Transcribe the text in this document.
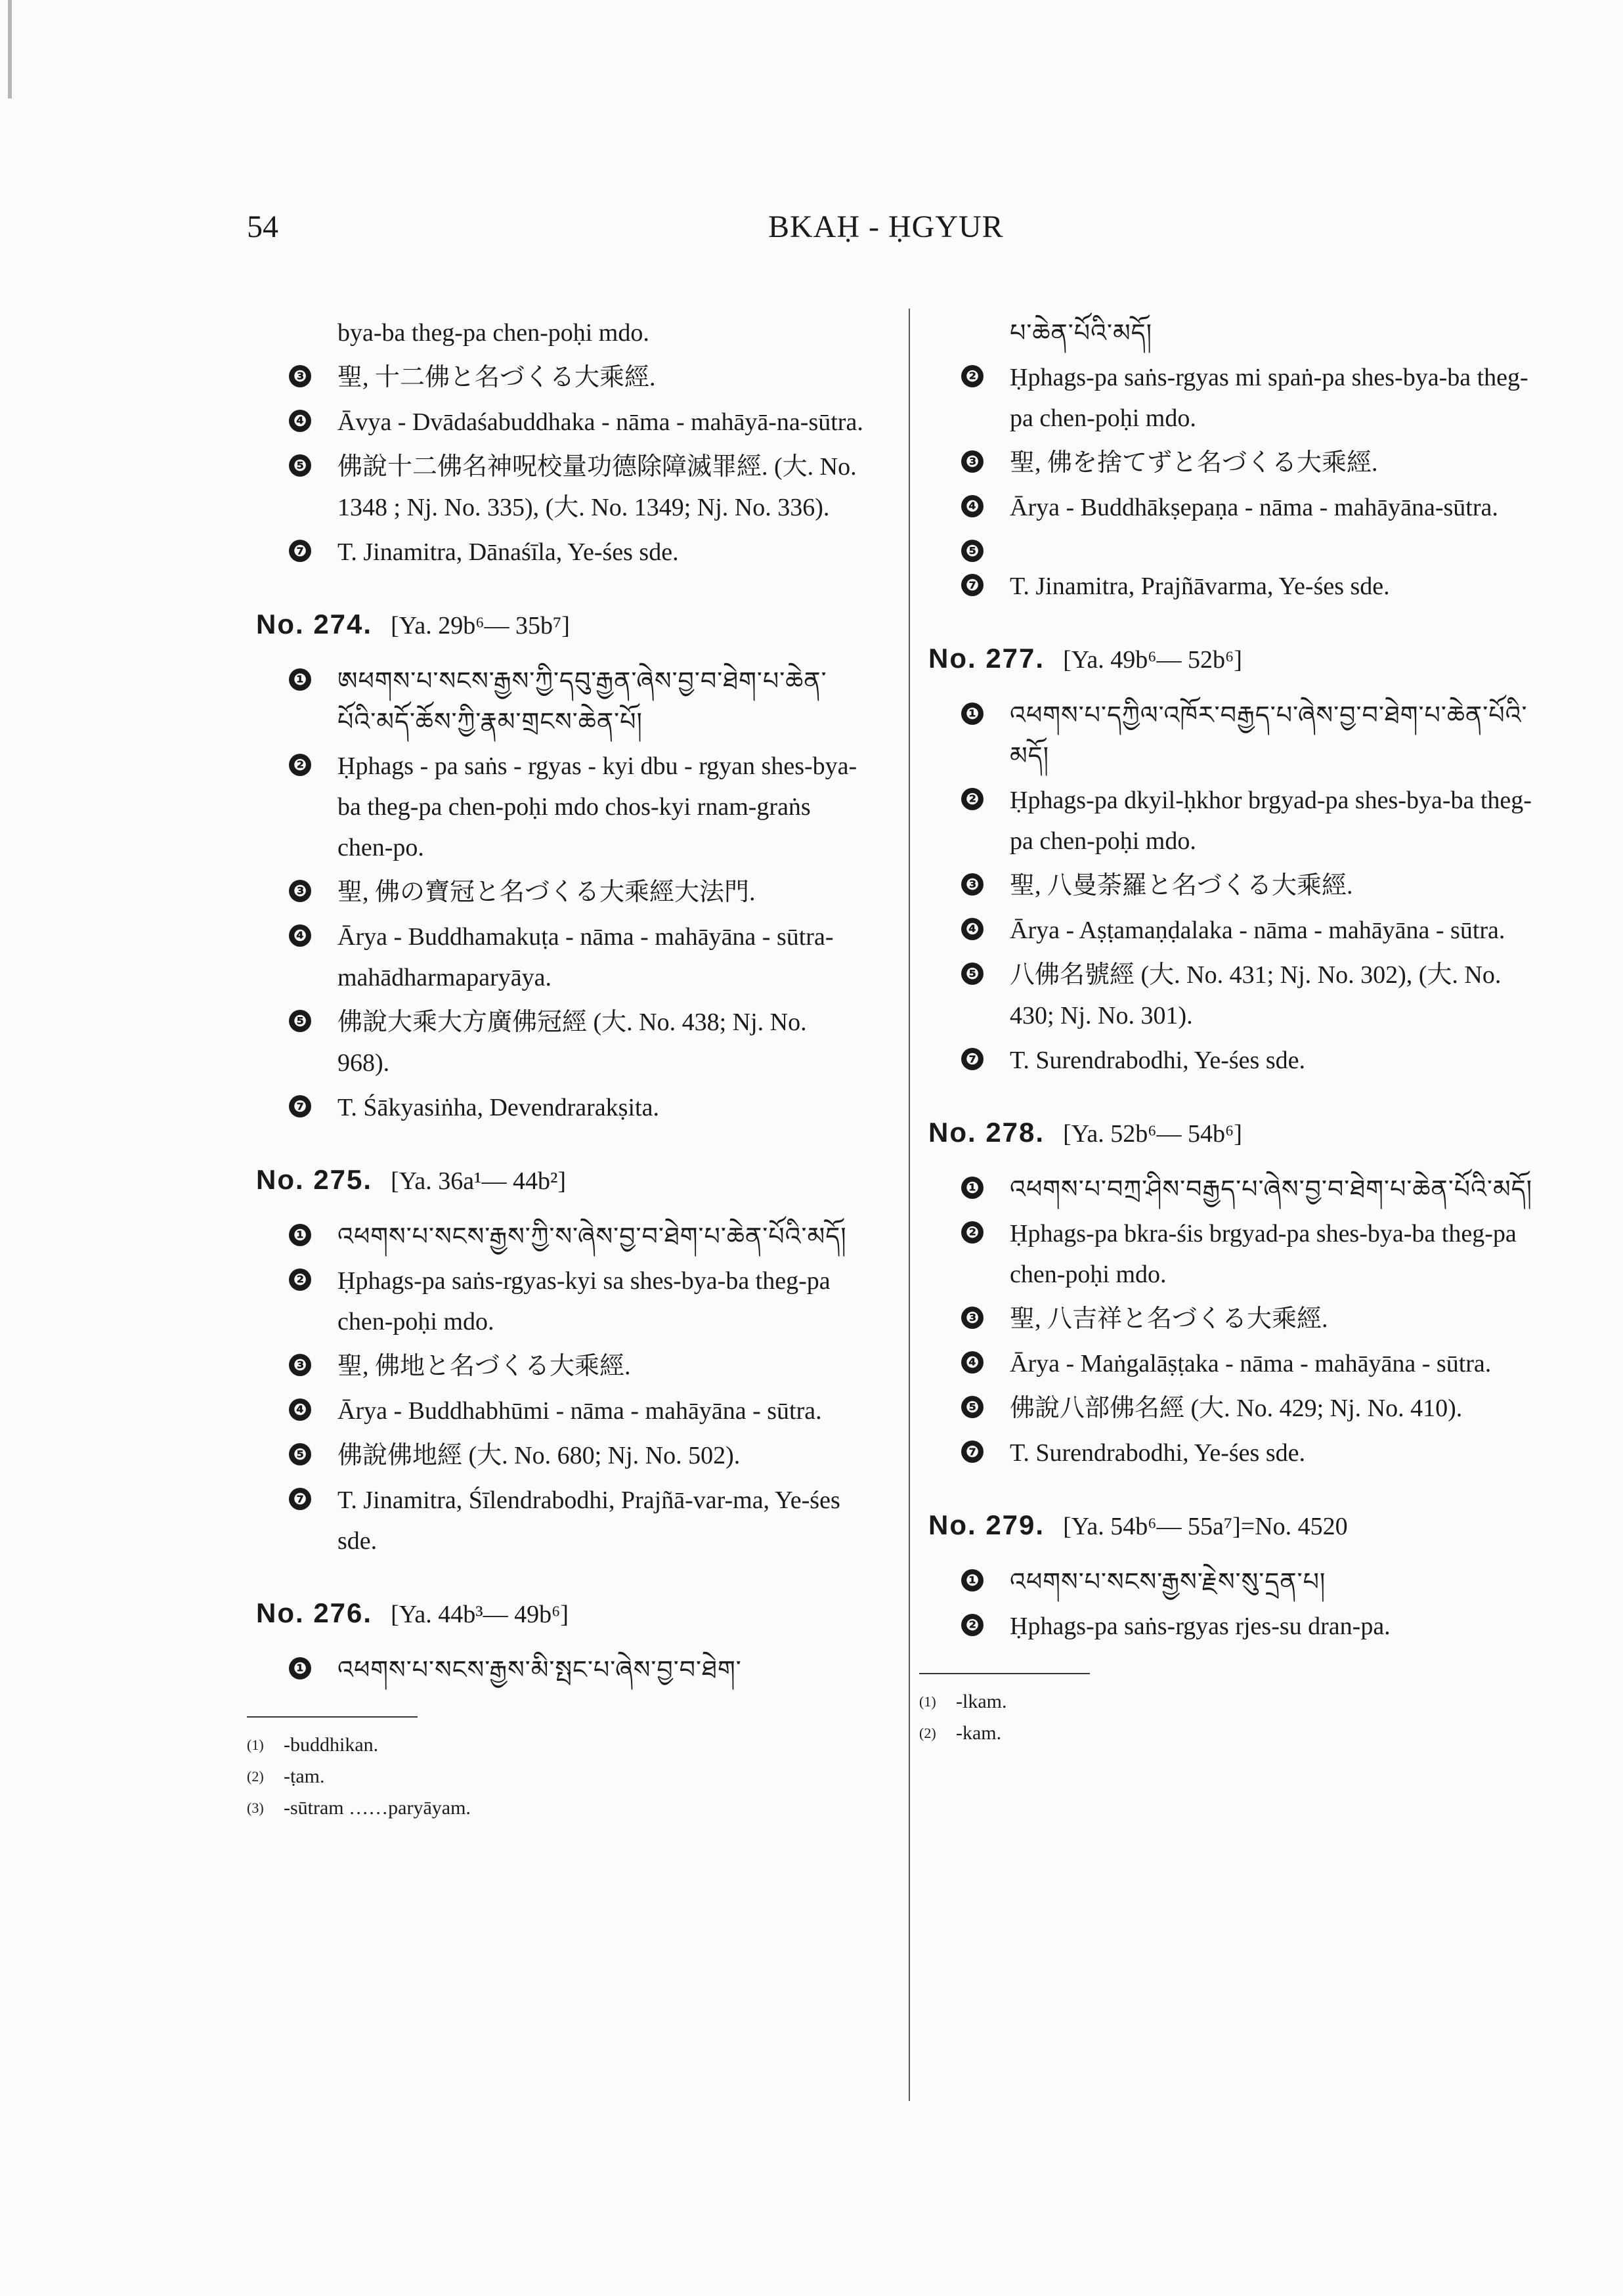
54	BKAḤ - ḤGYUR
bya-ba theg-pa chen-poḥi mdo.
❸ 聖, 十二佛と名づくる大乘經.
❹ Āvya - Dvādaśabuddhaka - nāma - mahāyā-na-sūtra.
❺ 佛說十二佛名神呪校量功德除障滅罪經. (大. No. 1348 ; Nj. No. 335), (大. No. 1349; Nj. No. 336).
❼ T. Jinamitra, Dānaśīla, Ye-śes sde.
No. 274. [Ya. 29b⁶— 35b⁷]
❶ ཨཕགས་པ་སངས་རྒྱས་ཀྱི་དབུ་རྒྱན་ཞེས་བྱ་བ་ཐེག་པ་ཆེན་པོའི་མདོ་ཆོས་ཀྱི་རྣམ་གྲངས་ཆེན་པོ།
❷ Ḥphags - pa saṅs - rgyas - kyi dbu - rgyan shes-bya-ba theg-pa chen-poḥi mdo chos-kyi rnam-graṅs chen-po.
❸ 聖, 佛の寶冠と名づくる大乘經大法門.
❹ Ārya - Buddhamakuṭa - nāma - mahāyāna - sūtra-mahādharmaparyāya.
❺ 佛說大乘大方廣佛冠經 (大. No. 438; Nj. No. 968).
❼ T. Śākyasiṅha, Devendrarakṣita.
No. 275. [Ya. 36a¹— 44b²]
❶ འཕགས་པ་སངས་རྒྱས་ཀྱི་ས་ཞེས་བྱ་བ་ཐེག་པ་ཆེན་པོའི་མདོ།
❷ Ḥphags-pa saṅs-rgyas-kyi sa shes-bya-ba theg-pa chen-poḥi mdo.
❸ 聖, 佛地と名づくる大乘經.
❹ Ārya - Buddhabhūmi - nāma - mahāyāna - sūtra.
❺ 佛說佛地經 (大. No. 680; Nj. No. 502).
❼ T. Jinamitra, Śīlendrabodhi, Prajñā-var-ma, Ye-śes sde.
No. 276. [Ya. 44b³— 49b⁶]
❶ འཕགས་པ་སངས་རྒྱས་མི་སྤང་པ་ཞེས་བྱ་བ་ཐེག་
(1)	-buddhikan.
(2)	-ṭam.
(3)	-sūtram ……paryāyam.
པ་ཆེན་པོའི་མདོ།
❷ Ḥphags-pa saṅs-rgyas mi spaṅ-pa shes-bya-ba theg-pa chen-poḥi mdo.
❸ 聖, 佛を捨てずと名づくる大乘經.
❹ Ārya - Buddhākṣepaṇa - nāma - mahāyāna-sūtra.
❺
❼ T. Jinamitra, Prajñāvarma, Ye-śes sde.
No. 277. [Ya. 49b⁶— 52b⁶]
❶ འཕགས་པ་དཀྱིལ་འཁོར་བརྒྱད་པ་ཞེས་བྱ་བ་ཐེག་པ་ཆེན་པོའི་མདོ།
❷ Ḥphags-pa dkyil-ḥkhor brgyad-pa shes-bya-ba theg-pa chen-poḥi mdo.
❸ 聖, 八曼荼羅と名づくる大乘經.
❹ Ārya - Aṣṭamaṇḍalaka - nāma - mahāyāna - sūtra.
❺ 八佛名號經 (大. No. 431; Nj. No. 302), (大. No. 430; Nj. No. 301).
❼ T. Surendrabodhi, Ye-śes sde.
No. 278. [Ya. 52b⁶— 54b⁶]
❶ འཕགས་པ་བཀྲ་ཤིས་བརྒྱད་པ་ཞེས་བྱ་བ་ཐེག་པ་ཆེན་པོའི་མདོ།
❷ Ḥphags-pa bkra-śis brgyad-pa shes-bya-ba theg-pa chen-poḥi mdo.
❸ 聖, 八吉祥と名づくる大乘經.
❹ Ārya - Maṅgalāṣṭaka - nāma - mahāyāna - sūtra.
❺ 佛說八部佛名經 (大. No. 429; Nj. No. 410).
❼ T. Surendrabodhi, Ye-śes sde.
No. 279. [Ya. 54b⁶— 55a⁷]=No. 4520
❶ འཕགས་པ་སངས་རྒྱས་རྗེས་སུ་དྲན་པ།
❷ Ḥphags-pa saṅs-rgyas rjes-su dran-pa.
(1)	-lkam.
(2)	-kam.
